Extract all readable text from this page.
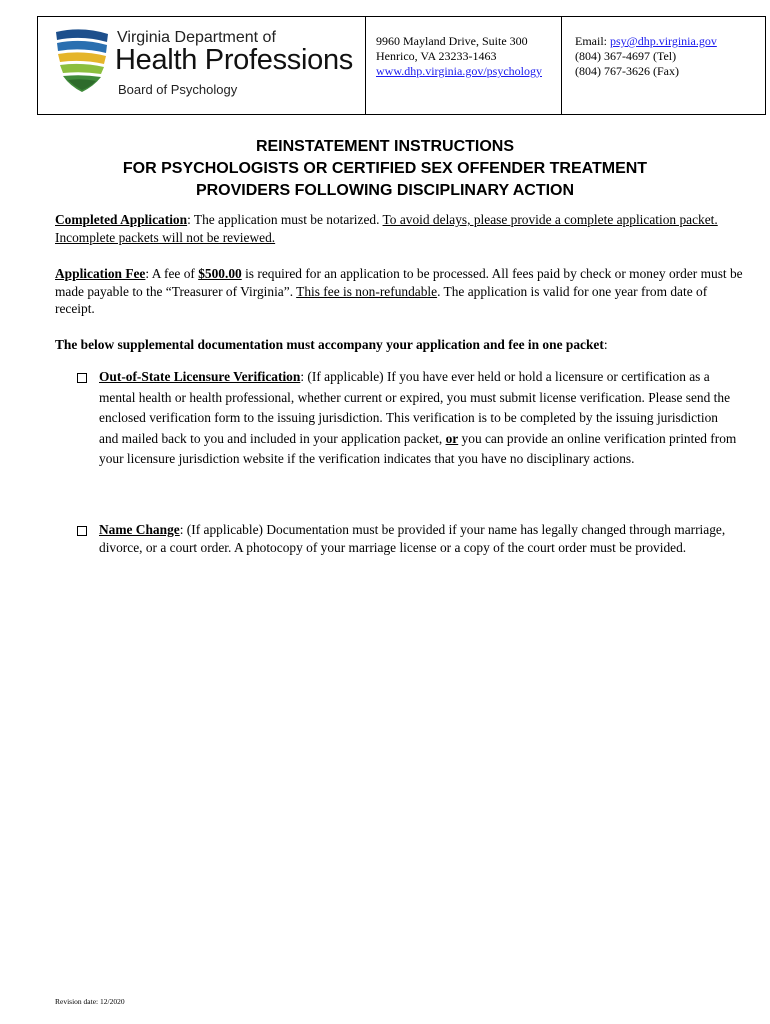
Virginia Department of
Health Professions
Board of Psychology
9960 Mayland Drive, Suite 300
Henrico, VA 23233-1463
www.dhp.virginia.gov/psychology
Email: psy@dhp.virginia.gov
(804) 367-4697 (Tel)
(804) 767-3626 (Fax)
REINSTATEMENT INSTRUCTIONS
FOR PSYCHOLOGISTS OR CERTIFIED SEX OFFENDER TREATMENT
PROVIDERS FOLLOWING DISCIPLINARY ACTION
Completed Application: The application must be notarized. To avoid delays, please provide a complete application packet. Incomplete packets will not be reviewed.
Application Fee: A fee of $500.00 is required for an application to be processed. All fees paid by check or money order must be made payable to the “Treasurer of Virginia”. This fee is non-refundable. The application is valid for one year from date of receipt.
The below supplemental documentation must accompany your application and fee in one packet:
Out-of-State Licensure Verification: (If applicable) If you have ever held or hold a licensure or certification as a mental health or health professional, whether current or expired, you must submit license verification. Please send the enclosed verification form to the issuing jurisdiction. This verification is to be completed by the issuing jurisdiction and mailed back to you and included in your application packet, or you can provide an online verification printed from your licensure jurisdiction website if the verification indicates that you have no disciplinary actions.
Name Change: (If applicable) Documentation must be provided if your name has legally changed through marriage, divorce, or a court order. A photocopy of your marriage license or a copy of the court order must be provided.
Revision date: 12/2020
